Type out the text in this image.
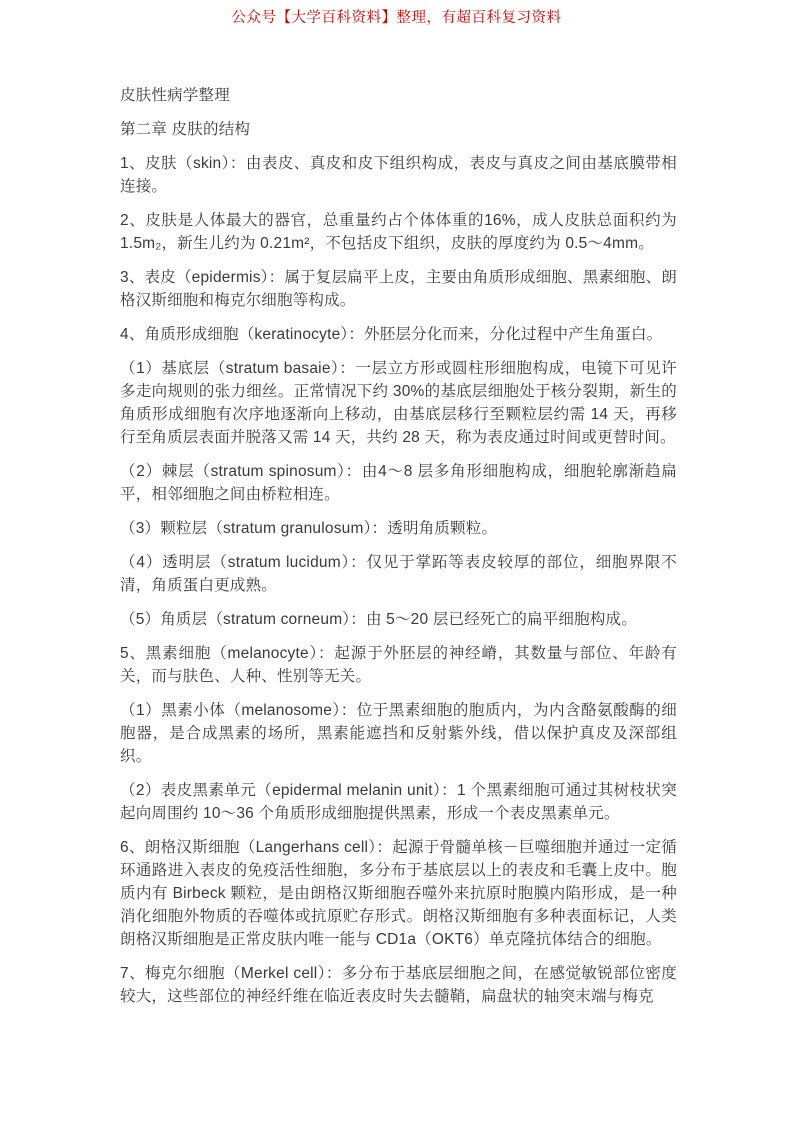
公众号【大学百科资料】整理，有超百科复习资料

皮肤性病学整理

第二章 皮肤的结构

1、皮肤（skin）：由表皮、真皮和皮下组织构成，表皮与真皮之间由基底膜带相连接。

2、皮肤是人体最大的器官，总重量约占个体体重的16%，成人皮肤总面积约为1.5m₂，新生儿约为 0.21m²，不包括皮下组织，皮肤的厚度约为 0.5～4mm。

3、表皮（epidermis）：属于复层扁平上皮，主要由角质形成细胞、黑素细胞、朗格汉斯细胞和梅克尔细胞等构成。

4、角质形成细胞（keratinocyte）：外胚层分化而来，分化过程中产生角蛋白。

（1）基底层（stratum basaie）：一层立方形或圆柱形细胞构成，电镜下可见许多走向规则的张力细丝。正常情况下约 30%的基底层细胞处于核分裂期，新生的角质形成细胞有次序地逐渐向上移动，由基底层移行至颗粒层约需 14 天，再移行至角质层表面并脱落又需 14 天，共约 28 天，称为表皮通过时间或更替时间。

（2）棘层（stratum spinosum）：由4～8 层多角形细胞构成，细胞轮廓渐趋扁平，相邻细胞之间由桥粒相连。

（3）颗粒层（stratum granulosum）：透明角质颗粒。

（4）透明层（stratum lucidum）：仅见于掌跖等表皮较厚的部位，细胞界限不清，角质蛋白更成熟。

（5）角质层（stratum corneum）：由 5～20 层已经死亡的扁平细胞构成。

5、黑素细胞（melanocyte）：起源于外胚层的神经嵴，其数量与部位、年龄有关，而与肤色、人种、性别等无关。

（1）黑素小体（melanosome）：位于黑素细胞的胞质内，为内含酪氨酸酶的细胞器，是合成黑素的场所，黑素能遮挡和反射紫外线，借以保护真皮及深部组织。

（2）表皮黑素单元（epidermal melanin unit）：1 个黑素细胞可通过其树枝状突起向周围约 10～36 个角质形成细胞提供黑素，形成一个表皮黑素单元。

6、朗格汉斯细胞（Langerhans cell）：起源于骨髓单核－巨噬细胞并通过一定循环通路进入表皮的免疫活性细胞，多分布于基底层以上的表皮和毛囊上皮中。胞质内有 Birbeck 颗粒，是由朗格汉斯细胞吞噬外来抗原时胞膜内陷形成，是一种消化细胞外物质的吞噬体或抗原贮存形式。朗格汉斯细胞有多种表面标记，人类朗格汉斯细胞是正常皮肤内唯一能与 CD1a（OKT6）单克隆抗体结合的细胞。

7、梅克尔细胞（Merkel cell）：多分布于基底层细胞之间，在感觉敏锐部位密度较大，这些部位的神经纤维在临近表皮时失去髓鞘，扁盘状的轴突末端与梅克
